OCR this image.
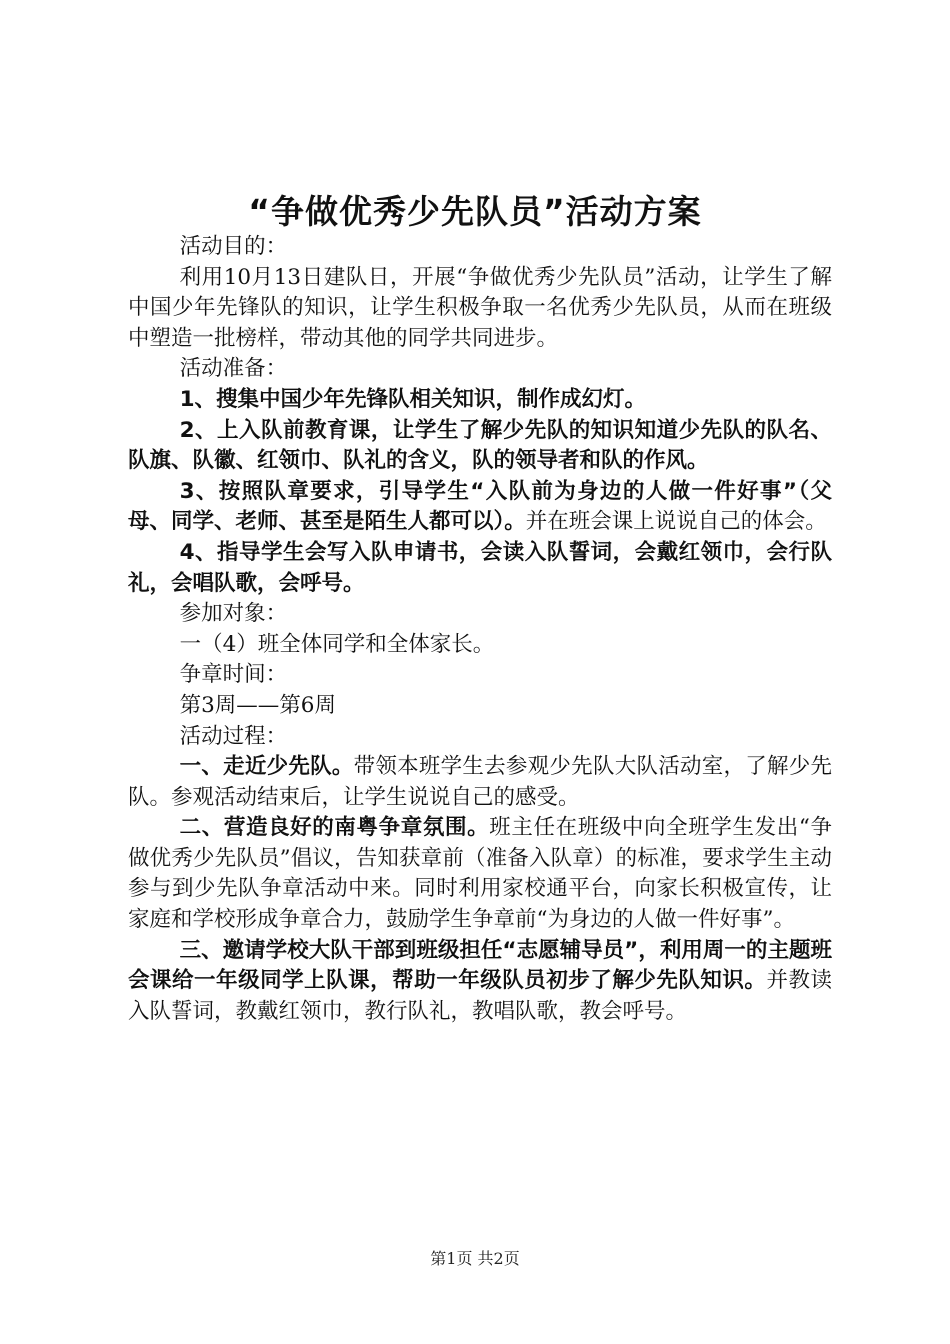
“争做优秀少先队员”活动方案

活动目的：

利用10月13日建队日，开展“争做优秀少先队员”活动，让学生了解中国少年先锋队的知识，让学生积极争取一名优秀少先队员，从而在班级中塑造一批榜样，带动其他的同学共同进步。

活动准备：

1、搜集中国少年先锋队相关知识，制作成幻灯。

2、上入队前教育课，让学生了解少先队的知识知道少先队的队名、队旗、队徽、红领巾、队礼的含义，队的领导者和队的作风。

3、按照队章要求，引导学生“入队前为身边的人做一件好事”（父母、同学、老师、甚至是陌生人都可以）。并在班会课上说说自己的体会。

4、指导学生会写入队申请书，会读入队誓词，会戴红领巾，会行队礼，会唱队歌，会呼号。

参加对象：

一（4）班全体同学和全体家长。

争章时间：

第3周——第6周

活动过程：

一、走近少先队。带领本班学生去参观少先队大队活动室，了解少先队。参观活动结束后，让学生说说自己的感受。

二、营造良好的南粤争章氛围。班主任在班级中向全班学生发出“争做优秀少先队员”倡议，告知获章前（准备入队章）的标准，要求学生主动参与到少先队争章活动中来。同时利用家校通平台，向家长积极宣传，让家庭和学校形成争章合力，鼓励学生争章前“为身边的人做一件好事”。

三、邀请学校大队干部到班级担任“志愿辅导员”，利用周一的主题班会课给一年级同学上队课，帮助一年级队员初步了解少先队知识。并教读入队誓词，教戴红领巾，教行队礼，教唱队歌，教会呼号。

第1页 共2页
